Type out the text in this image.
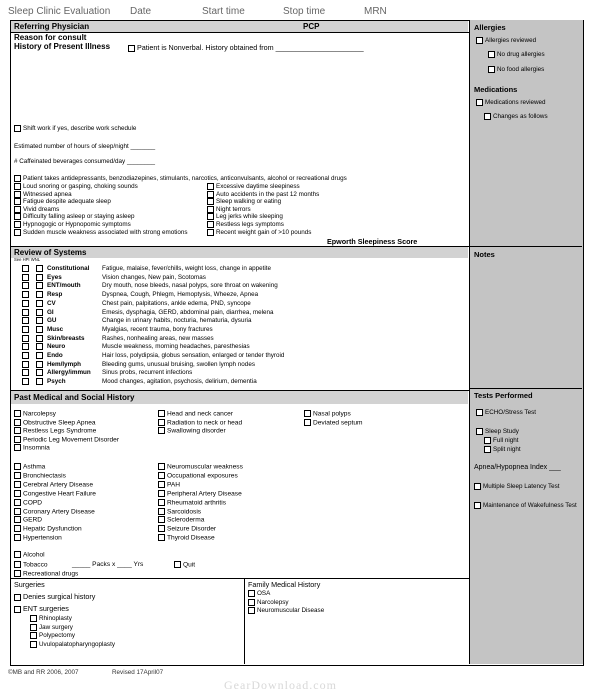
Sleep Clinic Evaluation Date	Start time	Stop time	MRN
Allergies
Allergies reviewed
No drug allergies
No food allergies
Medications
Medications reviewed
Changes as follows
Notes
Tests Performed
ECHO/Stress Test
Sleep Study
Full night
Split night
Apnea/Hypopnea Index ___
Multiple Sleep Latency Test
Maintenance of Wakefulness Test
Referring Physician	PCP
Reason for consult
History of Present Illness	Patient is Nonverbal. History obtained from ______________________
Shift work if yes, describe work schedule
Estimated number of hours of sleep/night _______
# Caffeinated beverages consumed/day ________
Patient takes antidepressants, benzodiazepines, stimulants, narcotics, anticonvulsants, alcohol or recreational drugs
Loud snoring or gasping, choking sounds
Witnessed apnea
Fatigue despite adequate sleep
Vivid dreams
Difficulty falling asleep or staying asleep
Hypnogogic or Hypnopomic symptoms
Sudden muscle weakness associated with strong emotions
Excessive daytime sleepiness
Auto accidents in the past 12 months
Sleep walking or eating
Night terrors
Leg jerks while sleeping
Restless legs symptoms
Recent weight gain of >10 pounds
Epworth Sleepiness Score
Review of Systems
See HPI WNL
Constitutional Fatigue, malaise, fever/chills, weight loss, change in appetite
Eyes	Vision changes, New pain, Scotomas
ENT/mouth	Dry mouth, nose bleeds, nasal polyps, sore throat on wakening
Resp	Dyspnea, Cough, Phlegm, Hemoptysis, Wheeze, Apnea
CV	Chest pain, palpitations, ankle edema, PND, syncope
GI	Emesis, dysphagia, GERD, abdominal pain, diarrhea, melena
GU	Change in urinary habits, nocturia, hematuria, dysuria
Musc	Myalgias, recent trauma, bony fractures
Skin/breasts	Rashes, nonhealing areas, new masses
Neuro	Muscle weakness, morning headaches, paresthesias
Endo	Hair loss, polydipsia, globus sensation, enlarged or tender thyroid
Hem/lymph	Bleeding gums, unusual bruising, swollen lymph nodes
Allergy/immun Sinus probs, recurrent infections
Psych	Mood changes, agitation, psychosis, delirium, dementia
Past Medical and Social History
Narcolepsy
Obstructive Sleep Apnea
Restless Legs Syndrome
Periodic Leg Movement Disorder
Insomnia
Head and neck cancer
Radiation to neck or head
Swallowing disorder
Nasal polyps
Deviated septum
Asthma
Bronchiectasis
Cerebral Artery Disease
Congestive Heart Failure
COPD
Coronary Artery Disease
GERD
Hepatic Dysfunction
Hypertension
Neuromuscular weakness
Occupational exposures
PAH
Peripheral Artery Disease
Rheumatoid arthritis
Sarcoidosis
Scleroderma
Seizure Disorder
Thyroid Disease
Alcohol
Tobacco	_____ Packs x ____ Yrs	Quit
Recreational drugs
Surgeries
Denies surgical history
ENT surgeries
Rhinoplasty
Jaw surgery
Polypectomy
Uvulopalatopharyngoplasty
Family Medical History
OSA
Narcolepsy
Neuromuscular Disease
©MB and RR 2006, 2007	Revised 17April07
GearDownload.com
